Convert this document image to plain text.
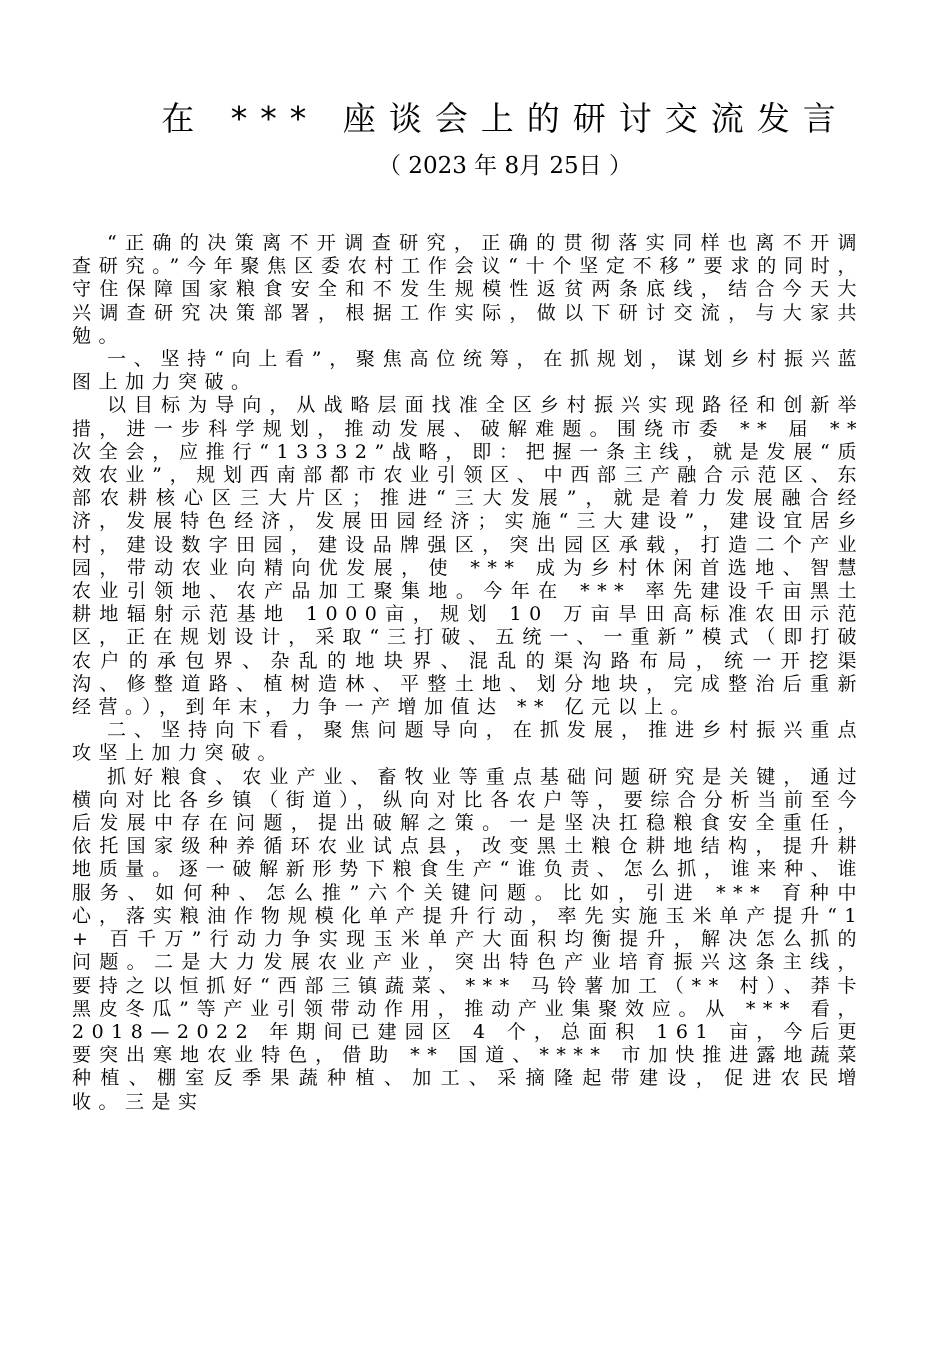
在 *** 座谈会上的研讨交流发言
（ 2023 年 8月 25日 ）

“正确的决策离不开调查研究，正确的贯彻落实同样也离不开调查研究。”今年聚焦区委农村工作会议“十个坚定不移”要求的同时，守住保障国家粮食安全和不发生规模性返贫两条底线，结合今天大兴调查研究决策部署，根据工作实际，做以下研讨交流，与大家共勉。

一、坚持“向上看”，聚焦高位统筹，在抓规划，谋划乡村振兴蓝图上加力突破。

以目标为导向，从战略层面找准全区乡村振兴实现路径和创新举措，进一步科学规划，推动发展、破解难题。围绕市委 ** 届 ** 次全会，应推行“13332”战略，即：把握一条主线，就是发展“质效农业”，规划西南部都市农业引领区、中西部三产融合示范区、东部农耕核心区三大片区；推进“三大发展”，就是着力发展融合经济，发展特色经济，发展田园经济；实施“三大建设”，建设宜居乡村，建设数字田园，建设品牌强区，突出园区承载，打造二个产业园，带动农业向精向优发展，使 *** 成为乡村休闲首选地、智慧农业引领地、农产品加工聚集地。今年在 *** 率先建设千亩黑土耕地辐射示范基地 1000亩，规划 10 万亩旱田高标准农田示范区，正在规划设计，采取“三打破、五统一、一重新”模式（即打破农户的承包界、杂乱的地块界、混乱的渠沟路布局，统一开挖渠沟、修整道路、植树造林、平整土地、划分地块，完成整治后重新经营。），到年末，力争一产增加值达 ** 亿元以上。

二、坚持向下看，聚焦问题导向，在抓发展，推进乡村振兴重点攻坚上加力突破。

抓好粮食、农业产业、畜牧业等重点基础问题研究是关键，通过横向对比各乡镇（街道），纵向对比各农户等，要综合分析当前至今后发展中存在问题，提出破解之策。一是坚决扛稳粮食安全重任，依托国家级种养循环农业试点县，改变黑土粮仓耕地结构，提升耕地质量。逐一破解新形势下粮食生产“谁负责、怎么抓，谁来种、谁服务、如何种、怎么推”六个关键问题。比如，引进 *** 育种中心，落实粮油作物规模化单产提升行动，率先实施玉米单产提升“1+ 百千万”行动力争实现玉米单产大面积均衡提升，解决怎么抓的问题。二是大力发展农业产业，突出特色产业培育振兴这条主线，要持之以恒抓好“西部三镇蔬菜、*** 马铃薯加工（** 村）、莽卡黑皮冬瓜”等产业引领带动作用，推动产业集聚效应。从 *** 看，2018—2022 年期间已建园区 4 个，总面积 161 亩，今后更要突出寒地农业特色，借助 ** 国道、**** 市加快推进露地蔬菜种植、棚室反季果蔬种植、加工、采摘隆起带建设，促进农民增收。三是实
